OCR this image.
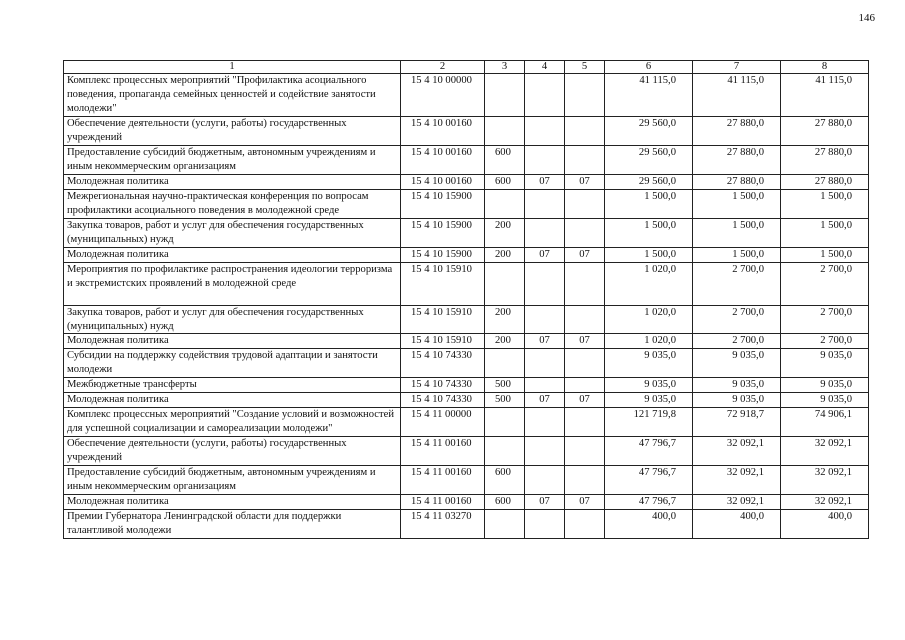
146
1	2	3	4	5	6	7	8
Комплекс процессных мероприятий "Профилактика асоциального поведения, пропаганда семейных ценностей и содействие занятости молодежи"	15 4 10 00000				41 115,0	41 115,0	41 115,0
Обеспечение деятельности (услуги, работы) государственных учреждений	15 4 10 00160				29 560,0	27 880,0	27 880,0
Предоставление субсидий бюджетным, автономным учреждениям и иным некоммерческим организациям	15 4 10 00160	600			29 560,0	27 880,0	27 880,0
Молодежная политика	15 4 10 00160	600	07	07	29 560,0	27 880,0	27 880,0
Межрегиональная научно-практическая конференция по вопросам профилактики асоциального поведения в молодежной среде	15 4 10 15900				1 500,0	1 500,0	1 500,0
Закупка товаров, работ и услуг для обеспечения государственных (муниципальных) нужд	15 4 10 15900	200			1 500,0	1 500,0	1 500,0
Молодежная политика	15 4 10 15900	200	07	07	1 500,0	1 500,0	1 500,0
Мероприятия по профилактике распространения идеологии терроризма и экстремистских проявлений в молодежной среде	15 4 10 15910				1 020,0	2 700,0	2 700,0
Закупка товаров, работ и услуг для обеспечения государственных (муниципальных) нужд	15 4 10 15910	200			1 020,0	2 700,0	2 700,0
Молодежная политика	15 4 10 15910	200	07	07	1 020,0	2 700,0	2 700,0
Субсидии на поддержку содействия трудовой адаптации и занятости молодежи	15 4 10 74330				9 035,0	9 035,0	9 035,0
Межбюджетные трансферты	15 4 10 74330	500			9 035,0	9 035,0	9 035,0
Молодежная политика	15 4 10 74330	500	07	07	9 035,0	9 035,0	9 035,0
Комплекс процессных мероприятий "Создание условий и возможностей для успешной социализации и самореализации молодежи"	15 4 11 00000				121 719,8	72 918,7	74 906,1
Обеспечение деятельности (услуги, работы) государственных учреждений	15 4 11 00160				47 796,7	32 092,1	32 092,1
Предоставление субсидий бюджетным, автономным учреждениям и иным некоммерческим организациям	15 4 11 00160	600			47 796,7	32 092,1	32 092,1
Молодежная политика	15 4 11 00160	600	07	07	47 796,7	32 092,1	32 092,1
Премии Губернатора Ленинградской области для поддержки талантливой молодежи	15 4 11 03270				400,0	400,0	400,0
